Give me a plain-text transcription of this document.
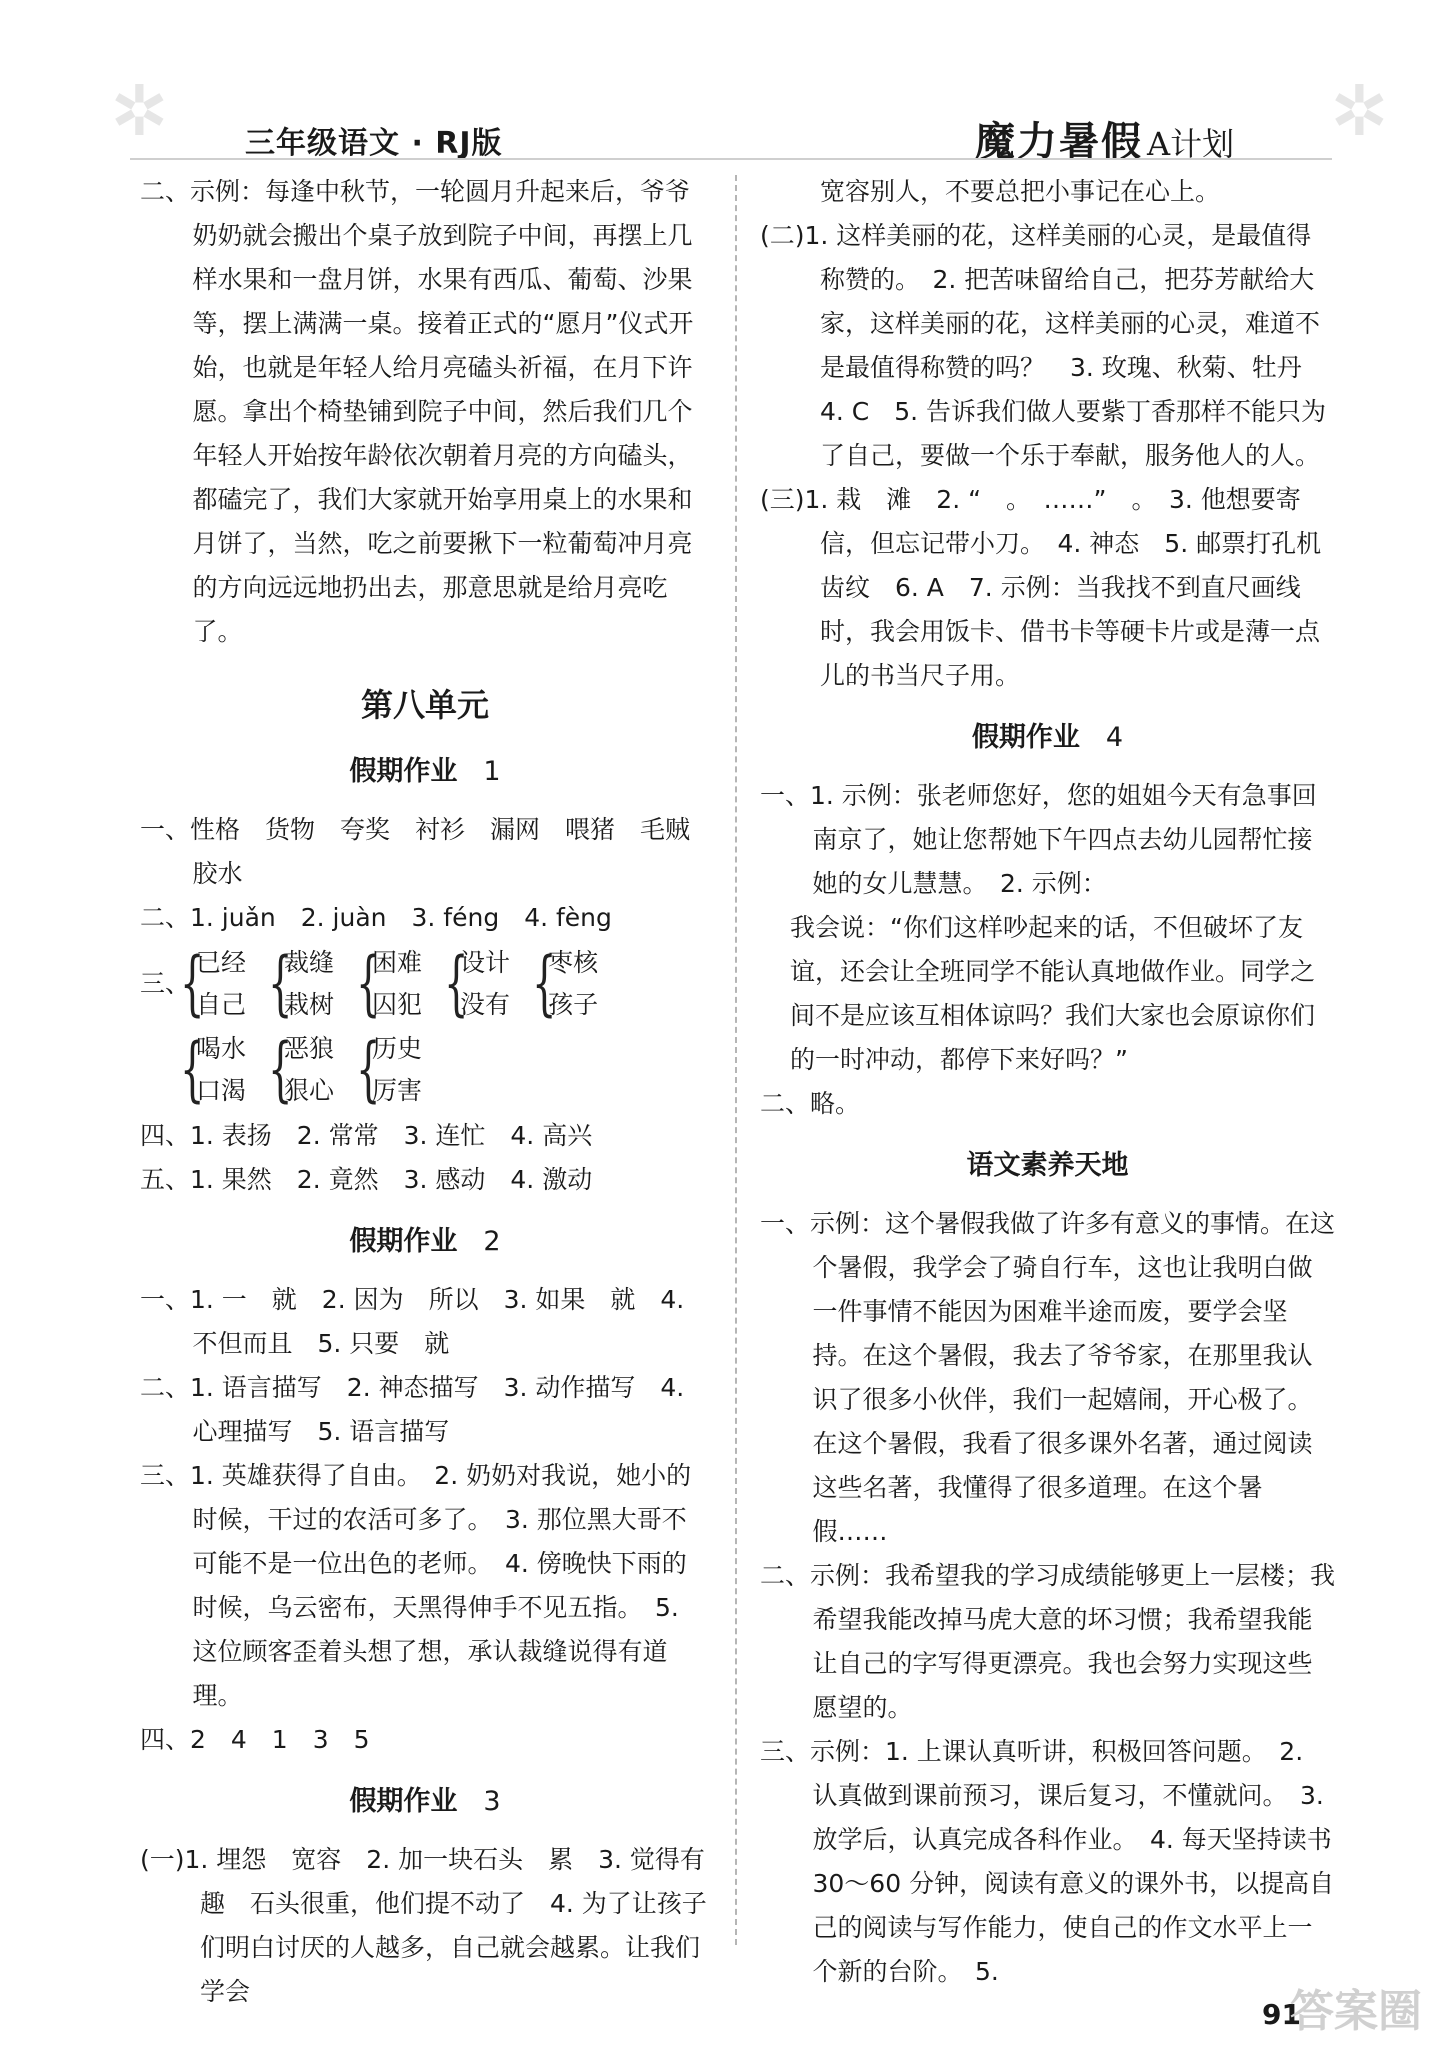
✲	✲
三年级语文 · RJ版	魔力暑假 A计划

二、示例：每逢中秋节，一轮圆月升起来后，爷爷奶奶就会搬出个桌子放到院子中间，再摆上几样水果和一盘月饼，水果有西瓜、葡萄、沙果等，摆上满满一桌。接着正式的“愿月”仪式开始，也就是年轻人给月亮磕头祈福，在月下许愿。拿出个椅垫铺到院子中间，然后我们几个年轻人开始按年龄依次朝着月亮的方向磕头，都磕完了，我们大家就开始享用桌上的水果和月饼了，当然，吃之前要揪下一粒葡萄冲月亮的方向远远地扔出去，那意思就是给月亮吃了。

第八单元
假期作业 1

一、性格　货物　夸奖　衬衫　漏网　喂猪　毛贼　胶水

二、1. juǎn　2. juàn　3. féng　4. fèng

三、
{
已经
自己 {
裁缝
栽树 {
困难
囚犯 {
设计
没有 {
枣核
孩子
{
喝水
口渴 {
恶狼
狠心 {
历史
厉害

四、1. 表扬　2. 常常　3. 连忙　4. 高兴

五、1. 果然　2. 竟然　3. 感动　4. 激动

假期作业 2

一、1. 一　就　2. 因为　所以　3. 如果　就　4. 不但而且　5. 只要　就

二、1. 语言描写　2. 神态描写　3. 动作描写　4. 心理描写　5. 语言描写

三、1. 英雄获得了自由。　2. 奶奶对我说，她小的时候，干过的农活可多了。　3. 那位黑大哥不可能不是一位出色的老师。　4. 傍晚快下雨的时候，乌云密布，天黑得伸手不见五指。　5. 这位顾客歪着头想了想，承认裁缝说得有道理。

四、2　4　1　3　5

假期作业 3

(一)1. 埋怨　宽容　2. 加一块石头　累　3. 觉得有趣　石头很重，他们提不动了　4. 为了让孩子们明白讨厌的人越多，自己就会越累。让我们学会

宽容别人，不要总把小事记在心上。

(二)1. 这样美丽的花，这样美丽的心灵，是最值得称赞的。　2. 把苦味留给自己，把芬芳献给大家，这样美丽的花，这样美丽的心灵，难道不是最值得称赞的吗？　3. 玫瑰、秋菊、牡丹　4. C　5. 告诉我们做人要紫丁香那样不能只为了自己，要做一个乐于奉献，服务他人的人。

(三)1. 栽　滩　2. “　。　……”　。　3. 他想要寄信，但忘记带小刀。　4. 神态　5. 邮票打孔机齿纹　6. A　7. 示例：当我找不到直尺画线时，我会用饭卡、借书卡等硬卡片或是薄一点儿的书当尺子用。

假期作业 4

一、1. 示例：张老师您好，您的姐姐今天有急事回南京了，她让您帮她下午四点去幼儿园帮忙接她的女儿慧慧。　2. 示例：

我会说：“你们这样吵起来的话，不但破坏了友谊，还会让全班同学不能认真地做作业。同学之间不是应该互相体谅吗？我们大家也会原谅你们的一时冲动，都停下来好吗？”

二、略。

语文素养天地

一、示例：这个暑假我做了许多有意义的事情。在这个暑假，我学会了骑自行车，这也让我明白做一件事情不能因为困难半途而废，要学会坚持。在这个暑假，我去了爷爷家，在那里我认识了很多小伙伴，我们一起嬉闹，开心极了。在这个暑假，我看了很多课外名著，通过阅读这些名著，我懂得了很多道理。在这个暑假……

二、示例：我希望我的学习成绩能够更上一层楼；我希望我能改掉马虎大意的坏习惯；我希望我能让自己的字写得更漂亮。我也会努力实现这些愿望的。

三、示例：1. 上课认真听讲，积极回答问题。　2. 认真做到课前预习，课后复习，不懂就问。　3. 放学后，认真完成各科作业。　4. 每天坚持读书 30～60 分钟，阅读有意义的课外书，以提高自己的阅读与写作能力，使自己的作文水平上一个新的台阶。　5.

91
答案圈
